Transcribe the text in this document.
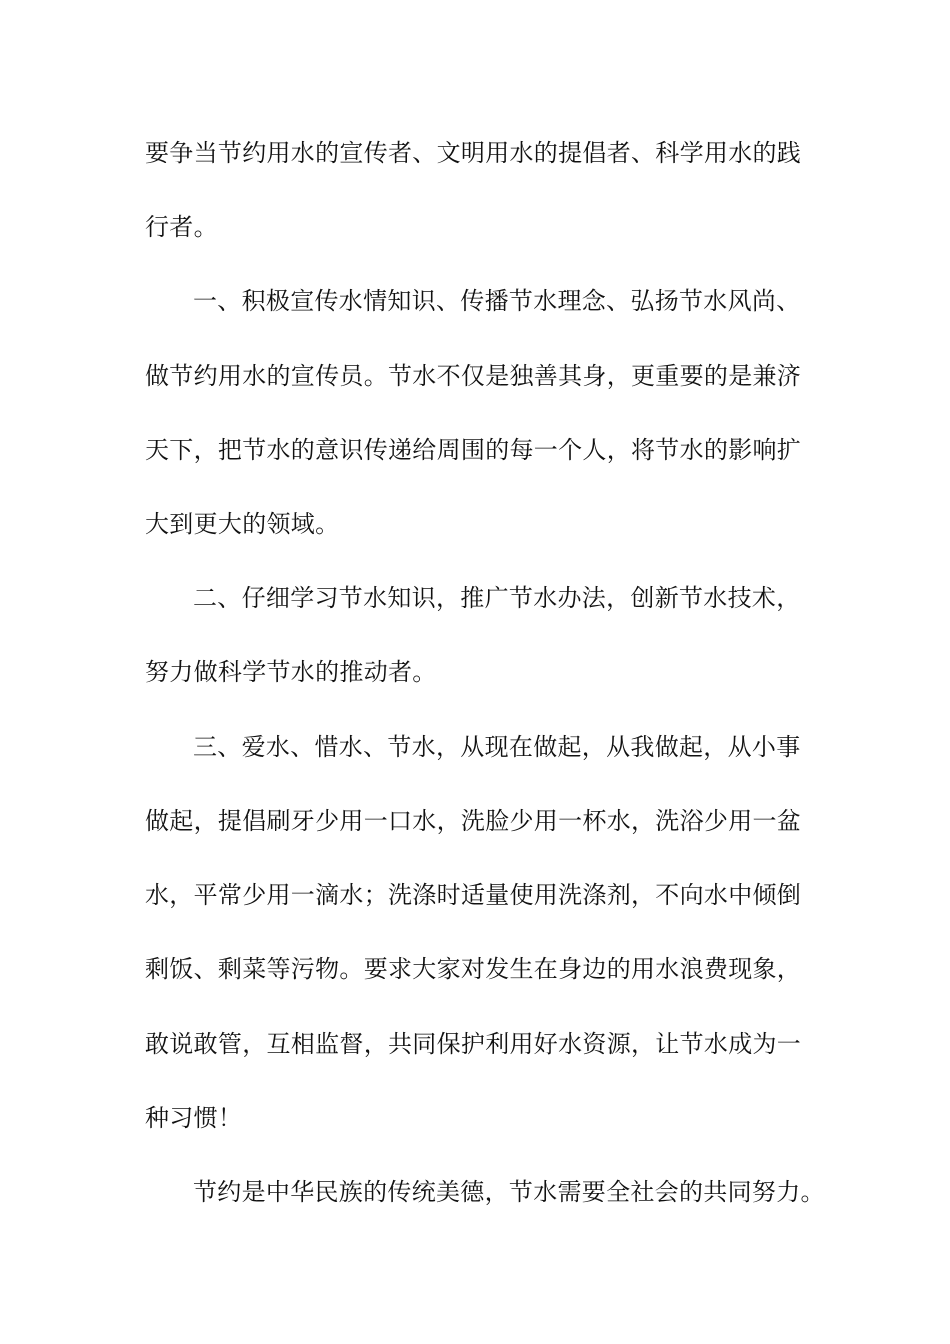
要争当节约用水的宣传者、文明用水的提倡者、科学用水的践
行者。
一、积极宣传水情知识、传播节水理念、弘扬节水风尚、
做节约用水的宣传员。节水不仅是独善其身，更重要的是兼济
天下，把节水的意识传递给周围的每一个人，将节水的影响扩
大到更大的领域。
二、仔细学习节水知识，推广节水办法，创新节水技术，
努力做科学节水的推动者。
三、爱水、惜水、节水，从现在做起，从我做起，从小事
做起，提倡刷牙少用一口水，洗脸少用一杯水，洗浴少用一盆
水，平常少用一滴水；洗涤时适量使用洗涤剂，不向水中倾倒
剩饭、剩菜等污物。要求大家对发生在身边的用水浪费现象，
敢说敢管，互相监督，共同保护利用好水资源，让节水成为一
种习惯！
节约是中华民族的传统美德，节水需要全社会的共同努力。
